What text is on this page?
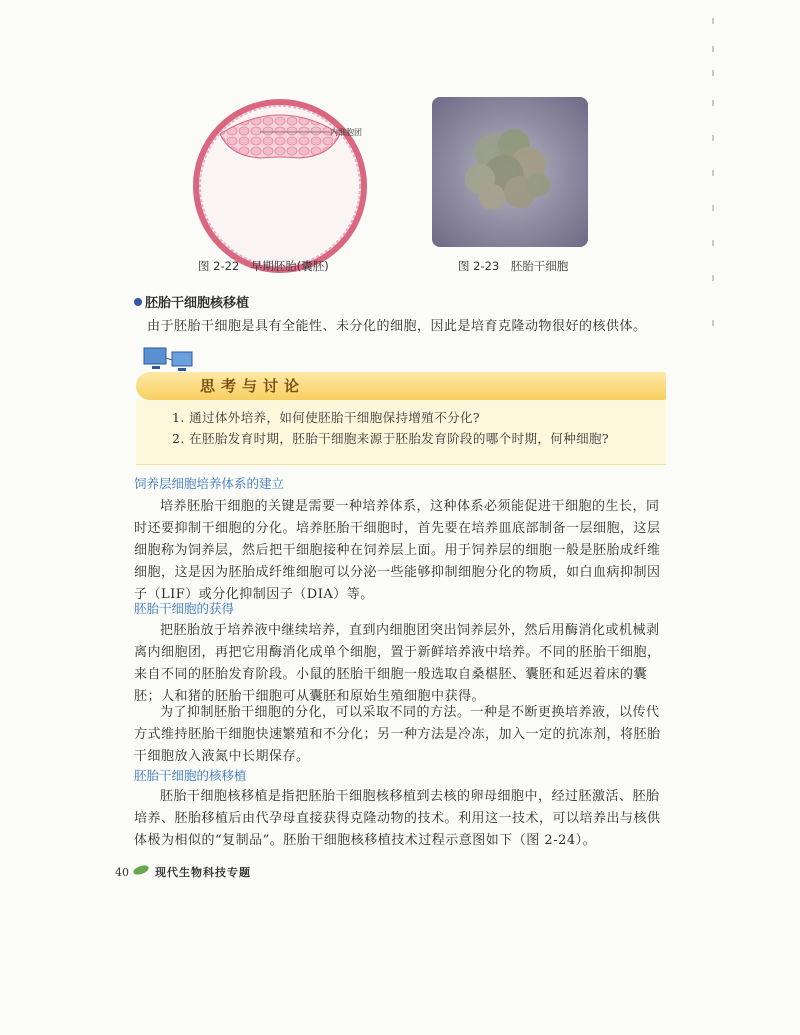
内细胞团
图 2-22　早期胚胎(囊胚)	图 2-23　胚胎干细胞
胚胎干细胞核移植
由于胚胎干细胞是具有全能性、未分化的细胞，因此是培育克隆动物很好的核供体。
思考与讨论
1. 通过体外培养，如何使胚胎干细胞保持增殖不分化?
2. 在胚胎发育时期，胚胎干细胞来源于胚胎发育阶段的哪个时期，何种细胞?
饲养层细胞培养体系的建立
培养胚胎干细胞的关键是需要一种培养体系，这种体系必须能促进干细胞的生长，同时还要抑制干细胞的分化。培养胚胎干细胞时，首先要在培养皿底部制备一层细胞，这层细胞称为饲养层，然后把干细胞接种在饲养层上面。用于饲养层的细胞一般是胚胎成纤维细胞，这是因为胚胎成纤维细胞可以分泌一些能够抑制细胞分化的物质，如白血病抑制因子（LIF）或分化抑制因子（DIA）等。
胚胎干细胞的获得
把胚胎放于培养液中继续培养，直到内细胞团突出饲养层外，然后用酶消化或机械剥离内细胞团，再把它用酶消化成单个细胞，置于新鲜培养液中培养。不同的胚胎干细胞，来自不同的胚胎发育阶段。小鼠的胚胎干细胞一般选取自桑椹胚、囊胚和延迟着床的囊胚；人和猪的胚胎干细胞可从囊胚和原始生殖细胞中获得。
为了抑制胚胎干细胞的分化，可以采取不同的方法。一种是不断更换培养液，以传代方式维持胚胎干细胞快速繁殖和不分化；另一种方法是冷冻，加入一定的抗冻剂，将胚胎干细胞放入液氮中长期保存。
胚胎干细胞的核移植
胚胎干细胞核移植是指把胚胎干细胞核移植到去核的卵母细胞中，经过胚激活、胚胎培养、胚胎移植后由代孕母直接获得克隆动物的技术。利用这一技术，可以培养出与核供体极为相似的“复制品”。胚胎干细胞核移植技术过程示意图如下（图 2-24）。
40 现代生物科技专题
